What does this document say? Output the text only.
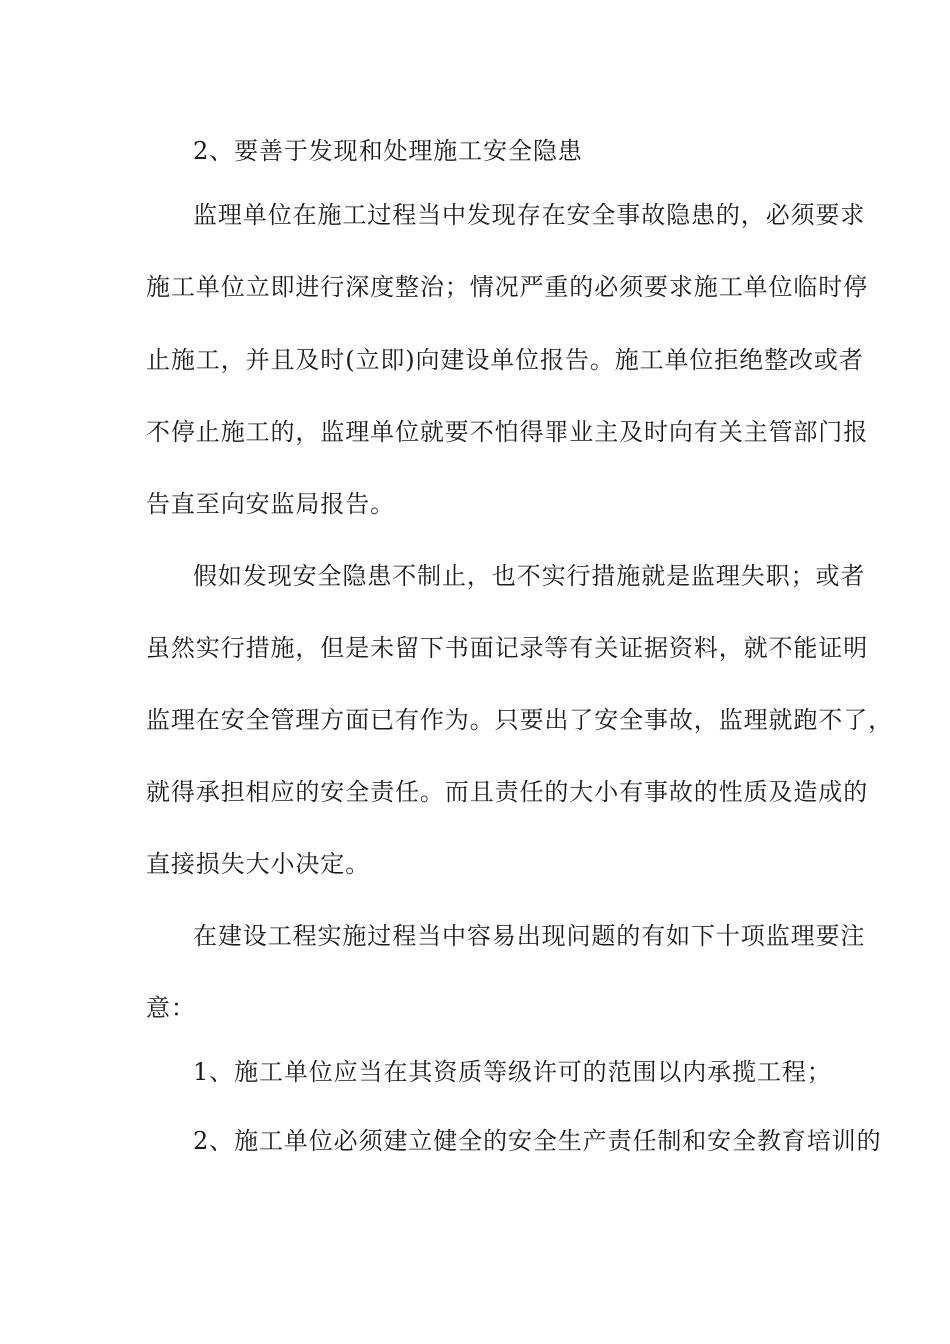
2、要善于发现和处理施工安全隐患
监理单位在施工过程当中发现存在安全事故隐患的，必须要求
施工单位立即进行深度整治；情况严重的必须要求施工单位临时停
止施工，并且及时(立即)向建设单位报告。施工单位拒绝整改或者
不停止施工的，监理单位就要不怕得罪业主及时向有关主管部门报
告直至向安监局报告。
假如发现安全隐患不制止，也不实行措施就是监理失职；或者
虽然实行措施，但是未留下书面记录等有关证据资料，就不能证明
监理在安全管理方面已有作为。只要出了安全事故，监理就跑不了，
就得承担相应的安全责任。而且责任的大小有事故的性质及造成的
直接损失大小决定。
在建设工程实施过程当中容易出现问题的有如下十项监理要注
意：
1、施工单位应当在其资质等级许可的范围以内承揽工程；
2、施工单位必须建立健全的安全生产责任制和安全教育培训的
